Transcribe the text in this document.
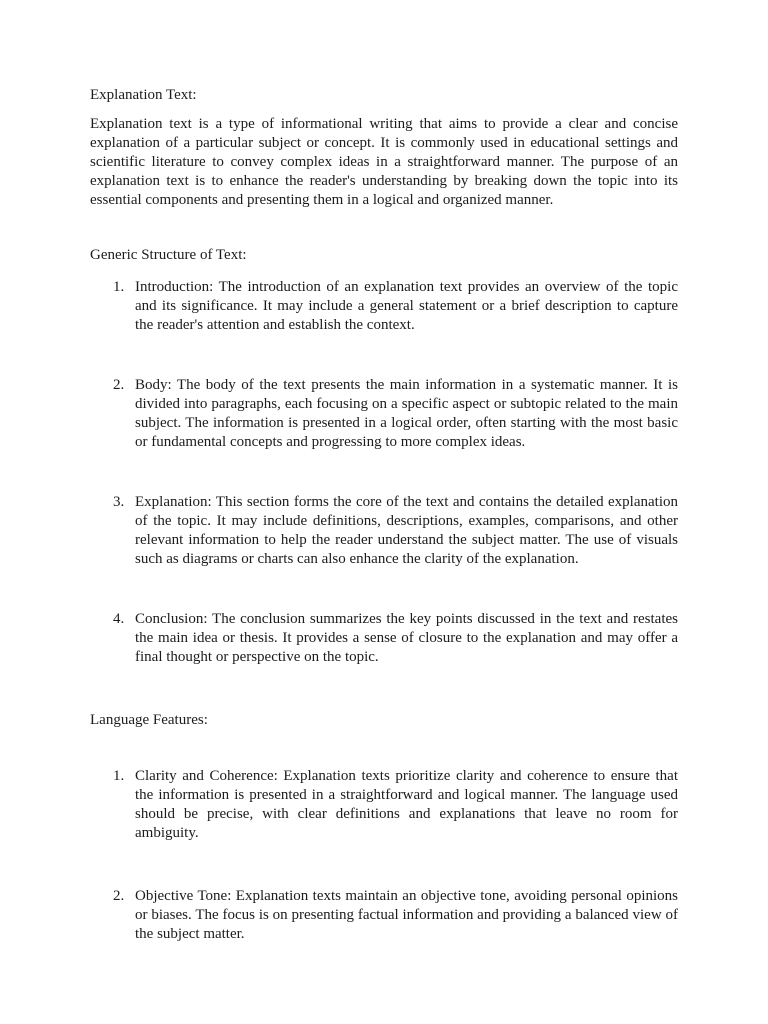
Explanation Text:

Explanation text is a type of informational writing that aims to provide a clear and concise explanation of a particular subject or concept. It is commonly used in educational settings and scientific literature to convey complex ideas in a straightforward manner. The purpose of an explanation text is to enhance the reader's understanding by breaking down the topic into its essential components and presenting them in a logical and organized manner.

Generic Structure of Text:
1. Introduction: The introduction of an explanation text provides an overview of the topic and its significance. It may include a general statement or a brief description to capture the reader's attention and establish the context.
2. Body: The body of the text presents the main information in a systematic manner. It is divided into paragraphs, each focusing on a specific aspect or subtopic related to the main subject. The information is presented in a logical order, often starting with the most basic or fundamental concepts and progressing to more complex ideas.
3. Explanation: This section forms the core of the text and contains the detailed explanation of the topic. It may include definitions, descriptions, examples, comparisons, and other relevant information to help the reader understand the subject matter. The use of visuals such as diagrams or charts can also enhance the clarity of the explanation.
4. Conclusion: The conclusion summarizes the key points discussed in the text and restates the main idea or thesis. It provides a sense of closure to the explanation and may offer a final thought or perspective on the topic.
Language Features:
1. Clarity and Coherence: Explanation texts prioritize clarity and coherence to ensure that the information is presented in a straightforward and logical manner. The language used should be precise, with clear definitions and explanations that leave no room for ambiguity.
2. Objective Tone: Explanation texts maintain an objective tone, avoiding personal opinions or biases. The focus is on presenting factual information and providing a balanced view of the subject matter.
